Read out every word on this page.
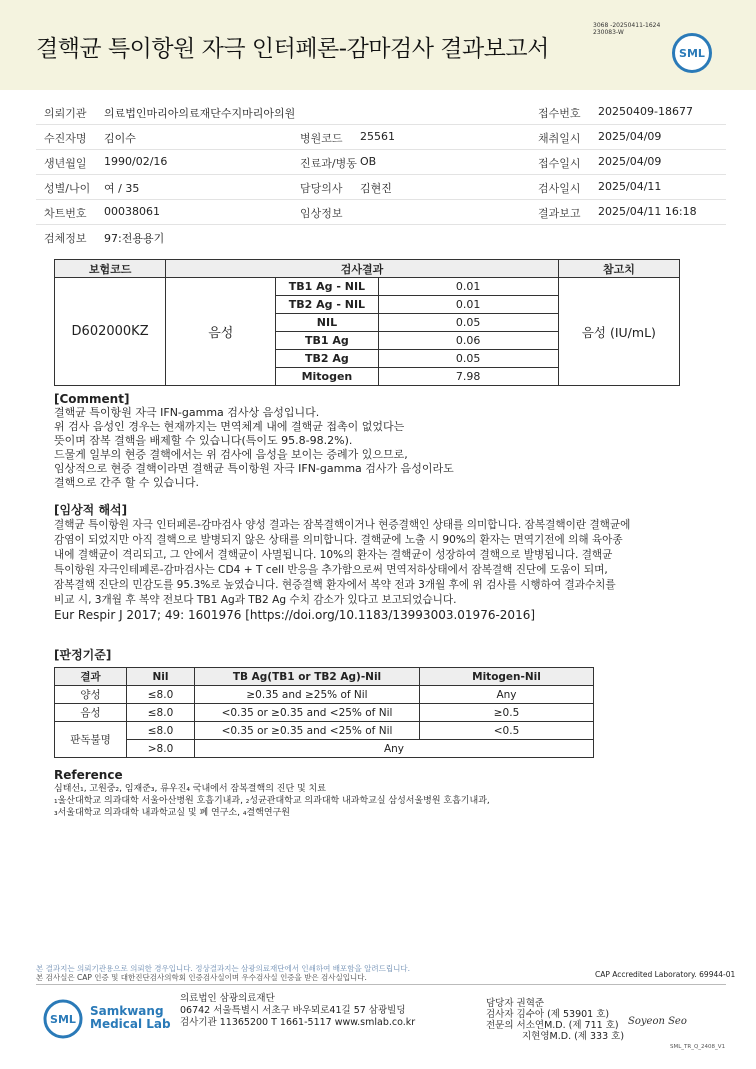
결핵균 특이항원 자극 인터페론-감마검사 결과보고서
3068 -20250411-1624
230083-W
SML
의뢰기관 의료법인마리아의료재단수지마리아의원	접수번호 20250409-18677
수진자명 김이수	병원코드 25561	채취일시 2025/04/09
생년월일 1990/02/16	진료과/병동 OB	접수일시 2025/04/09
성별/나이 여 / 35	담당의사 김현진	검사일시 2025/04/11
차트번호 00038061	임상정보	결과보고 2025/04/11 16:18
검체정보 97:전용용기
보험코드	검사결과			참고치
D602000KZ	음성	TB1 Ag - NIL	0.01	음성 (IU/mL)
		TB2 Ag - NIL	0.01	
		NIL	0.05	
		TB1 Ag	0.06	
		TB2 Ag	0.05	
		Mitogen	7.98	
[Comment]
결핵균 특이항원 자극 IFN-gamma 검사상 음성입니다.
위 검사 음성인 경우는 현재까지는 면역체계 내에 결핵균 접촉이 없었다는
뜻이며 잠복 결핵을 배제할 수 있습니다(특이도 95.8-98.2%).
드물게 일부의 현증 결핵에서는 위 검사에 음성을 보이는 증례가 있으므로,
임상적으로 현증 결핵이라면 결핵균 특이항원 자극 IFN-gamma 검사가 음성이라도
결핵으로 간주 할 수 있습니다.
[임상적 해석]
결핵균 특이항원 자극 인터페론-감마검사 양성 결과는 잠복결핵이거나 현증결핵인 상태를 의미합니다. 잠복결핵이란 결핵균에
감염이 되었지만 아직 결핵으로 발병되지 않은 상태를 의미합니다. 결핵균에 노출 시 90%의 환자는 면역기전에 의해 육아종
내에 결핵균이 격리되고, 그 안에서 결핵균이 사멸됩니다. 10%의 환자는 결핵균이 성장하여 결핵으로 발병됩니다. 결핵균
특이항원 자극인테페론-감마검사는 CD4 + T cell 반응을 추가함으로써 면역저하상태에서 잠복결핵 진단에 도움이 되며,
잠복결핵 진단의 민감도를 95.3%로 높였습니다. 현증결핵 환자에서 복약 전과 3개월 후에 위 검사를 시행하여 결과수치를
비교 시, 3개월 후 복약 전보다 TB1 Ag과 TB2 Ag 수치 감소가 있다고 보고되었습니다.
Eur Respir J 2017; 49: 1601976 [https://doi.org/10.1183/13993003.01976-2016]
[판정기준]
결과	Nil	TB Ag(TB1 or TB2 Ag)-Nil	Mitogen-Nil
양성	≤8.0	≥0.35 and ≥25% of Nil	Any
음성	≤8.0	<0.35 or ≥0.35 and <25% of Nil	≥0.5
판독불명	≤8.0	<0.35 or ≥0.35 and <25% of Nil	<0.5
	>8.0	Any	
Reference
심태선₁, 고원중₂, 임재준₃, 류우진₄ 국내에서 잠복결핵의 진단 및 치료
₁울산대학교 의과대학 서울아산병원 호흡기내과, ₂성균관대학교 의과대학 내과학교실 삼성서울병원 호흡기내과,
₃서울대학교 의과대학 내과학교실 및 폐 연구소, ₄결핵연구원
본 결과지는 의뢰기관용으로 의뢰한 경우입니다. 정상결과지는 삼광의료재단에서 인쇄하여 배포함을 알려드립니다.
본 검사실은 CAP 인증 및 대한진단검사의학회 인증검사실이며 우수검사실 인증을 받은 검사실입니다.	CAP Accredited Laboratory. 69944-01
SML
Samkwang
Medical Lab
의료법인 삼광의료재단
06742 서울특별시 서초구 바우뫼로41길 57 삼광빌딩
검사기관 11365200 T 1661-5117 www.smlab.co.kr
담당자 권혁준
검사자 김수아 (제 53901 호)
전문의 서소연M.D. (제 711 호)
지현영M.D. (제 333 호)
Soyeon Seo
SML_TR_Q_2408_V1
